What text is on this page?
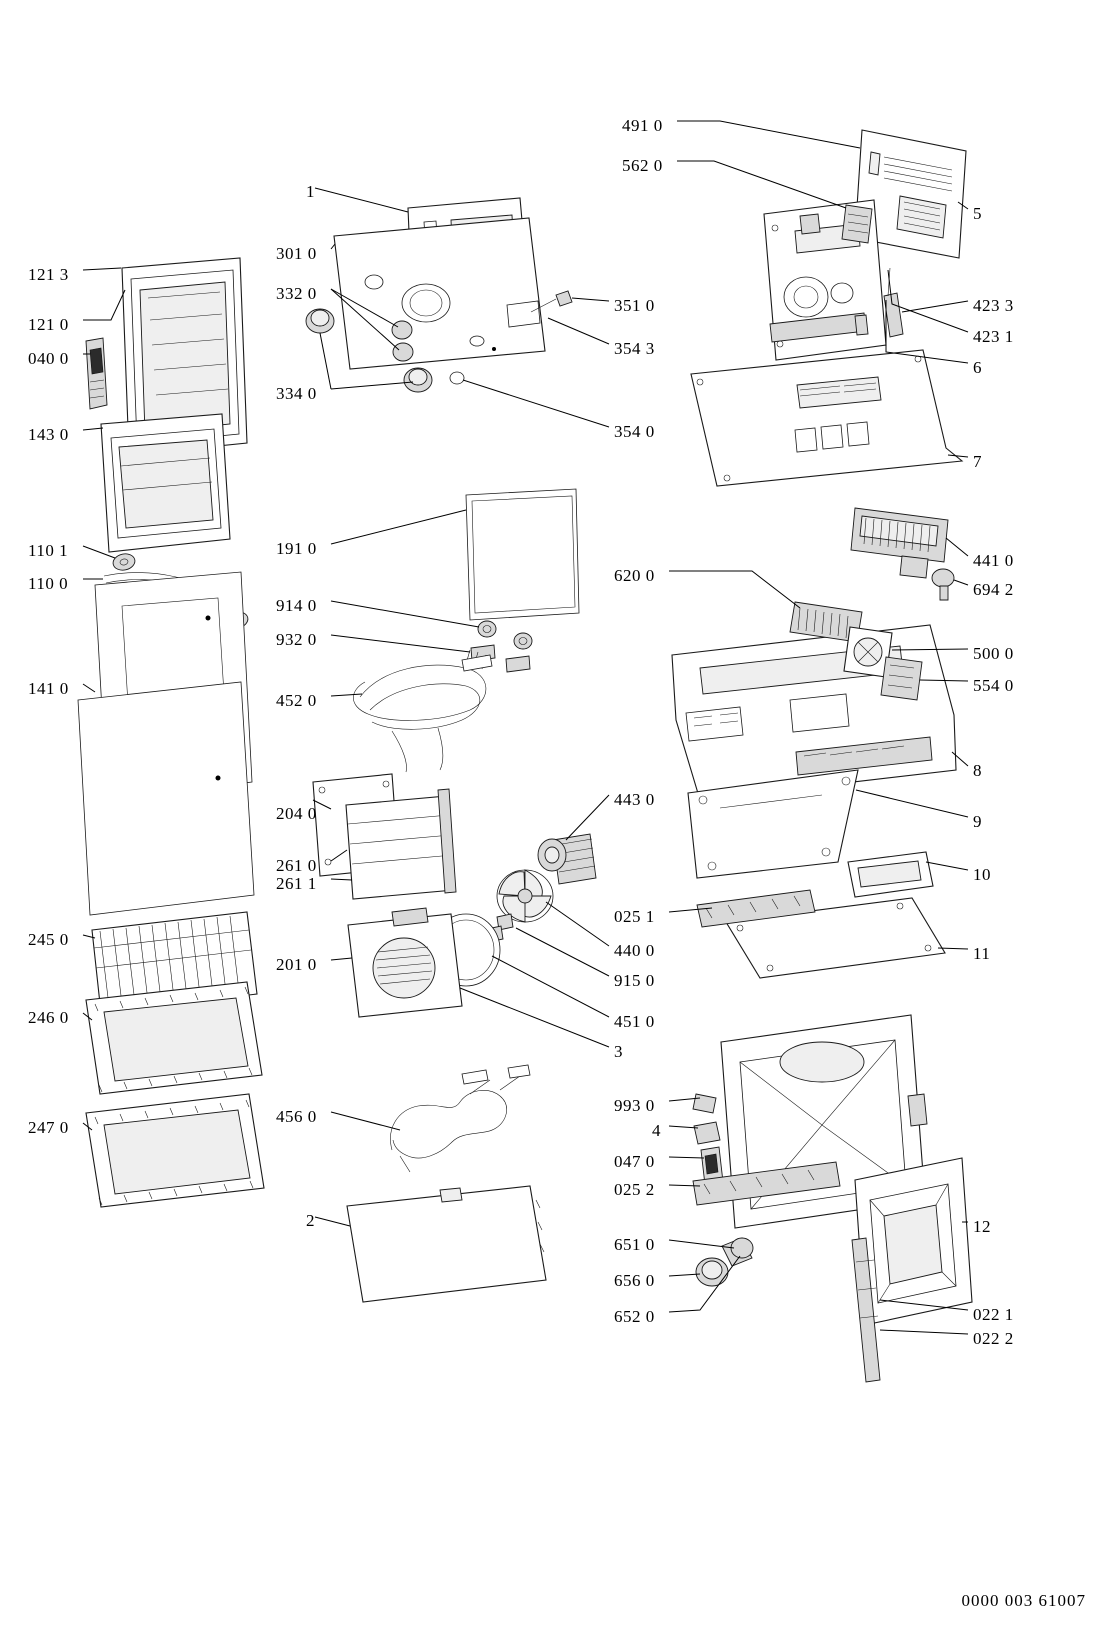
121 3
121 0
040 0
143 0
110 1
110 0
141 0
245 0
246 0
247 0
1
301 0
332 0
334 0
191 0
914 0
932 0
452 0
204 0
261 0
261 1
201 0
456 0
2
351 0
354 3
354 0
443 0
440 0
915 0
451 0
3
491 0
562 0
620 0
025 1
993 0
4
047 0
025 2
651 0
656 0
652 0
5
423 3
423 1
6
7
441 0
694 2
500 0
554 0
8
9
10
11
12
022 1
022 2
0000 003 61007
